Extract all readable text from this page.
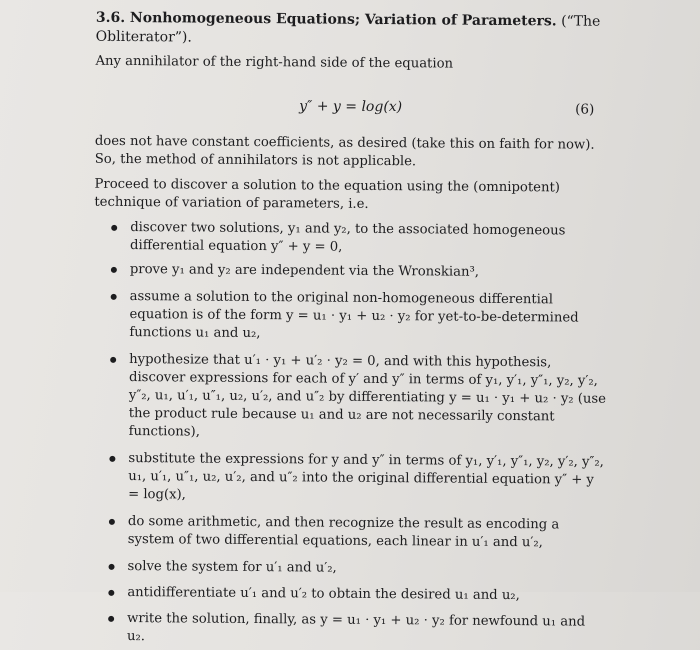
3.6. Nonhomogeneous Equations; Variation of Parameters. (“The Obliterator”).

Any annihilator of the right-hand side of the equation

y″ + y = log(x)	(6)

does not have constant coefficients, as desired (take this on faith for now). So, the method of annihilators is not applicable.

Proceed to discover a solution to the equation using the (omnipotent) technique of variation of parameters, i.e.

discover two solutions, y₁ and y₂, to the associated homogeneous differential equation y″ + y = 0,
prove y₁ and y₂ are independent via the Wronskian³,
assume a solution to the original non-homogeneous differential equation is of the form y = u₁ · y₁ + u₂ · y₂ for yet-to-be-determined functions u₁ and u₂,
hypothesize that u′₁ · y₁ + u′₂ · y₂ = 0, and with this hypothesis, discover expressions for each of y′ and y″ in terms of y₁, y′₁, y″₁, y₂, y′₂, y″₂, u₁, u′₁, u″₁, u₂, u′₂, and u″₂ by differentiating y = u₁ · y₁ + u₂ · y₂ (use the product rule because u₁ and u₂ are not necessarily constant functions),
substitute the expressions for y and y″ in terms of y₁, y′₁, y″₁, y₂, y′₂, y″₂, u₁, u′₁, u″₁, u₂, u′₂, and u″₂ into the original differential equation y″ + y = log(x),
do some arithmetic, and then recognize the result as encoding a system of two differential equations, each linear in u′₁ and u′₂,
solve the system for u′₁ and u′₂,
antidifferentiate u′₁ and u′₂ to obtain the desired u₁ and u₂,
write the solution, finally, as y = u₁ · y₁ + u₂ · y₂ for newfound u₁ and u₂.
